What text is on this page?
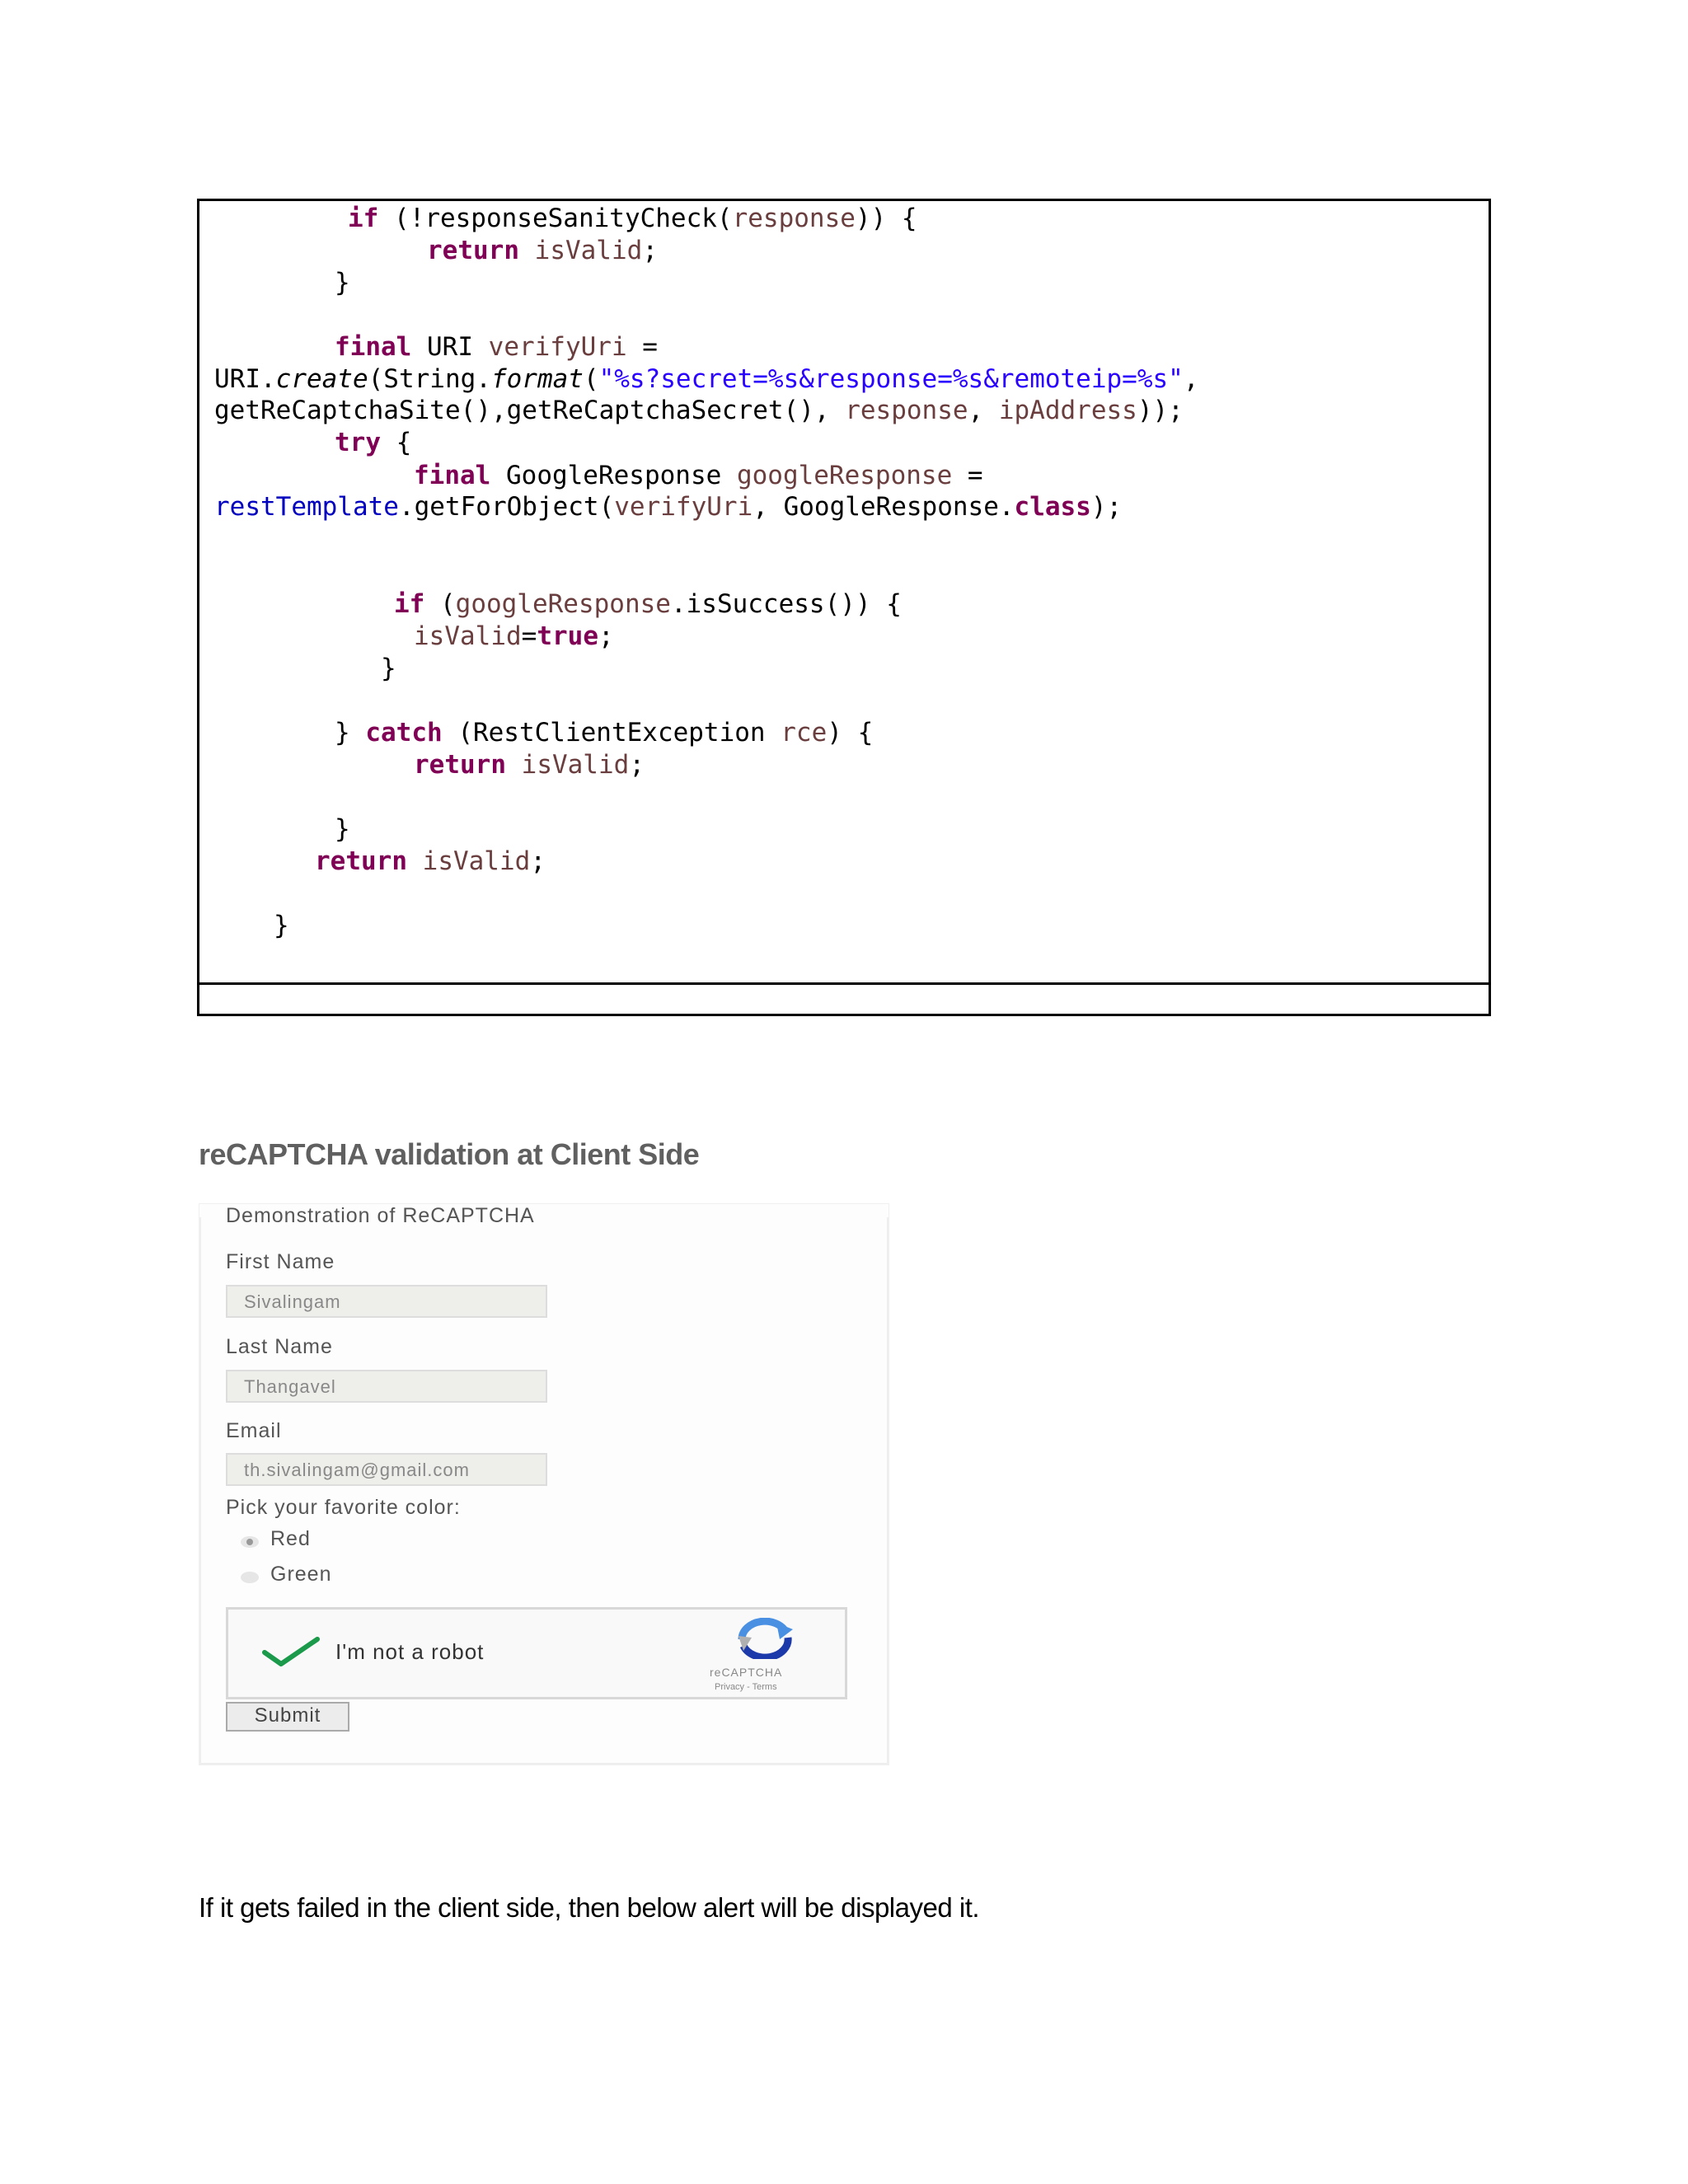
if (!responseSanityCheck(response)) {
return isValid;
}
final URI verifyUri =
URI.create(String.format("%s?secret=%s&response=%s&remoteip=%s",
getReCaptchaSite(),getReCaptchaSecret(), response, ipAddress));
try {
final GoogleResponse googleResponse =
restTemplate.getForObject(verifyUri, GoogleResponse.class);
if (googleResponse.isSuccess()) {
isValid=true;
}
} catch (RestClientException rce) {
return isValid;
}
return isValid;
}
reCAPTCHA validation at Client Side
Demonstration of ReCAPTCHA
First Name
Sivalingam
Last Name
Thangavel
Email
th.sivalingam@gmail.com
Pick your favorite color:
Red
Green
I'm not a robot
reCAPTCHA
Privacy - Terms
Submit
If it gets failed in the client side, then below alert will be displayed it.
